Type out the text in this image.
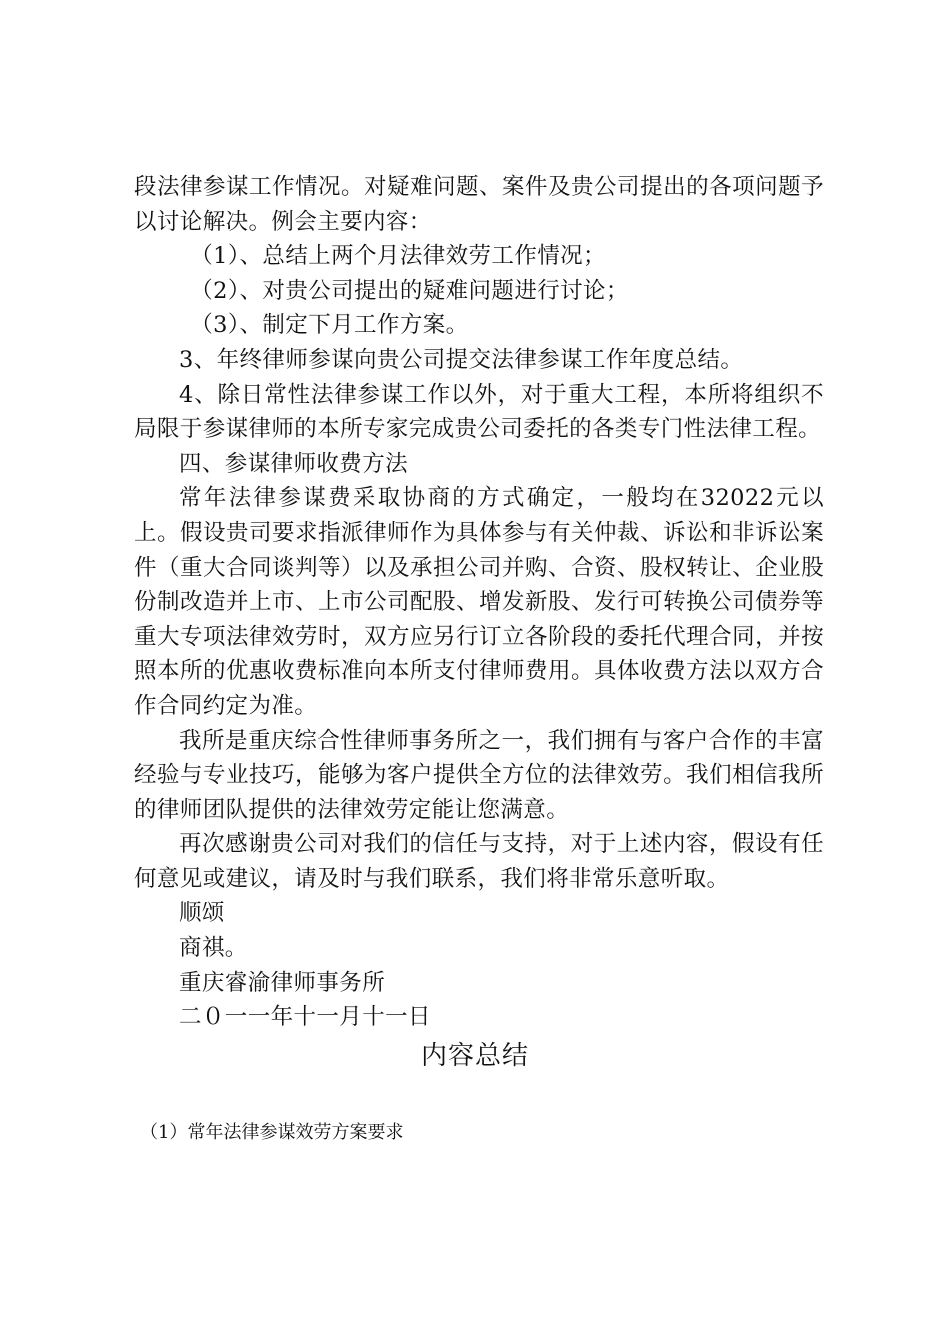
段法律参谋工作情况。对疑难问题、案件及贵公司提出的各项问题予以讨论解决。例会主要内容：

（1）、总结上两个月法律效劳工作情况；

（2）、对贵公司提出的疑难问题进行讨论；

（3）、制定下月工作方案。

3、年终律师参谋向贵公司提交法律参谋工作年度总结。

4、除日常性法律参谋工作以外，对于重大工程，本所将组织不局限于参谋律师的本所专家完成贵公司委托的各类专门性法律工程。

四、参谋律师收费方法

常年法律参谋费采取协商的方式确定，一般均在32022元以上。假设贵司要求指派律师作为具体参与有关仲裁、诉讼和非诉讼案件（重大合同谈判等）以及承担公司并购、合资、股权转让、企业股份制改造并上市、上市公司配股、增发新股、发行可转换公司债券等重大专项法律效劳时，双方应另行订立各阶段的委托代理合同，并按照本所的优惠收费标准向本所支付律师费用。具体收费方法以双方合作合同约定为准。

我所是重庆综合性律师事务所之一，我们拥有与客户合作的丰富经验与专业技巧，能够为客户提供全方位的法律效劳。我们相信我所的律师团队提供的法律效劳定能让您满意。

再次感谢贵公司对我们的信任与支持，对于上述内容，假设有任何意见或建议，请及时与我们联系，我们将非常乐意听取。

顺颂

商祺。

重庆睿渝律师事务所

二０一一年十一月十一日

内容总结
（1）常年法律参谋效劳方案要求
